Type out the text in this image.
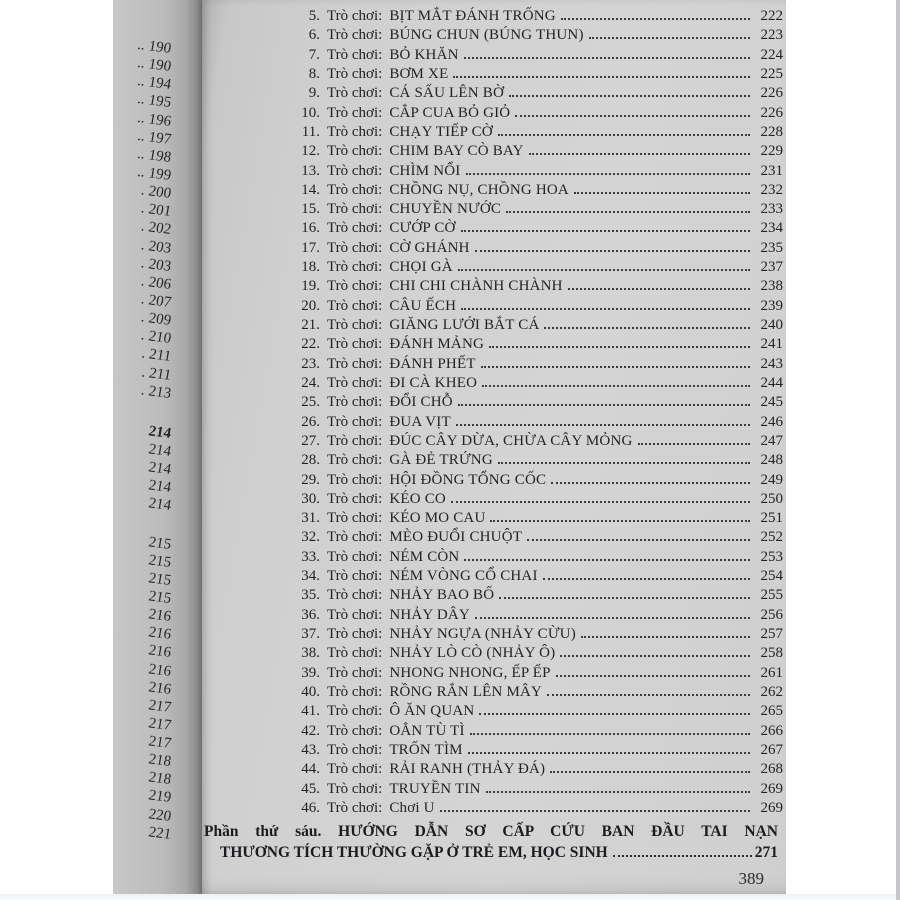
.. 190
.. 190
.. 194
.. 195
.. 196
.. 197
.. 198
.. 199
. 200
. 201
. 202
. 203
. 203
. 206
. 207
. 209
. 210
. 211
. 211
. 213
214
214
214
214
214
215
215
215
215
216
216
216
216
216
217
217
217
218
218
219
220
221
5. Trò chơi: BỊT MẮT ĐÁNH TRỐNG	222
6. Trò chơi: BÚNG CHUN (BÚNG THUN)	223
7. Trò chơi: BỎ KHĂN	224
8. Trò chơi: BƠM XE	225
9. Trò chơi: CÁ SẤU LÊN BỜ	226
10. Trò chơi: CẮP CUA BỎ GIỎ	226
11. Trò chơi: CHẠY TIẾP CỜ	228
12. Trò chơi: CHIM BAY CÒ BAY	229
13. Trò chơi: CHÌM NỔI	231
14. Trò chơi: CHỒNG NỤ, CHỒNG HOA	232
15. Trò chơi: CHUYỀN NƯỚC	233
16. Trò chơi: CƯỚP CỜ	234
17. Trò chơi: CỜ GHÁNH	235
18. Trò chơi: CHỌI GÀ	237
19. Trò chơi: CHI CHI CHÀNH CHÀNH	238
20. Trò chơi: CÂU ẾCH	239
21. Trò chơi: GIĂNG LƯỚI BẮT CÁ	240
22. Trò chơi: ĐÁNH MẢNG	241
23. Trò chơi: ĐÁNH PHẾT	243
24. Trò chơi: ĐI CÀ KHEO	244
25. Trò chơi: ĐỔI CHỖ	245
26. Trò chơi: ĐUA VỊT	246
27. Trò chơi: ĐÚC CÂY DỪA, CHỪA CÂY MỎNG	247
28. Trò chơi: GÀ ĐẺ TRỨNG	248
29. Trò chơi: HỘI ĐỒNG TỔNG CỐC	249
30. Trò chơi: KÉO CO	250
31. Trò chơi: KÉO MO CAU	251
32. Trò chơi: MÈO ĐUỔI CHUỘT	252
33. Trò chơi: NÉM CÒN	253
34. Trò chơi: NÉM VÒNG CỔ CHAI	254
35. Trò chơi: NHẢY BAO BỐ	255
36. Trò chơi: NHẢY DÂY	256
37. Trò chơi: NHẢY NGỰA (NHẢY CỪU)	257
38. Trò chơi: NHẢY LÒ CÒ (NHẢY Ô)	258
39. Trò chơi: NHONG NHONG, ẾP ẾP	261
40. Trò chơi: RỒNG RẮN LÊN MÂY	262
41. Trò chơi: Ô ĂN QUAN	265
42. Trò chơi: OẲN TÙ TÌ	266
43. Trò chơi: TRỐN TÌM	267
44. Trò chơi: RẢI RANH (THẢY ĐÁ)	268
45. Trò chơi: TRUYỀN TIN	269
46. Trò chơi: Chơi U	269
Phần thứ sáu. HƯỚNG DẪN SƠ CẤP CỨU BAN ĐẦU TAI NẠN
THƯƠNG TÍCH THƯỜNG GẶP Ở TRẺ EM, HỌC SINH	271
389
